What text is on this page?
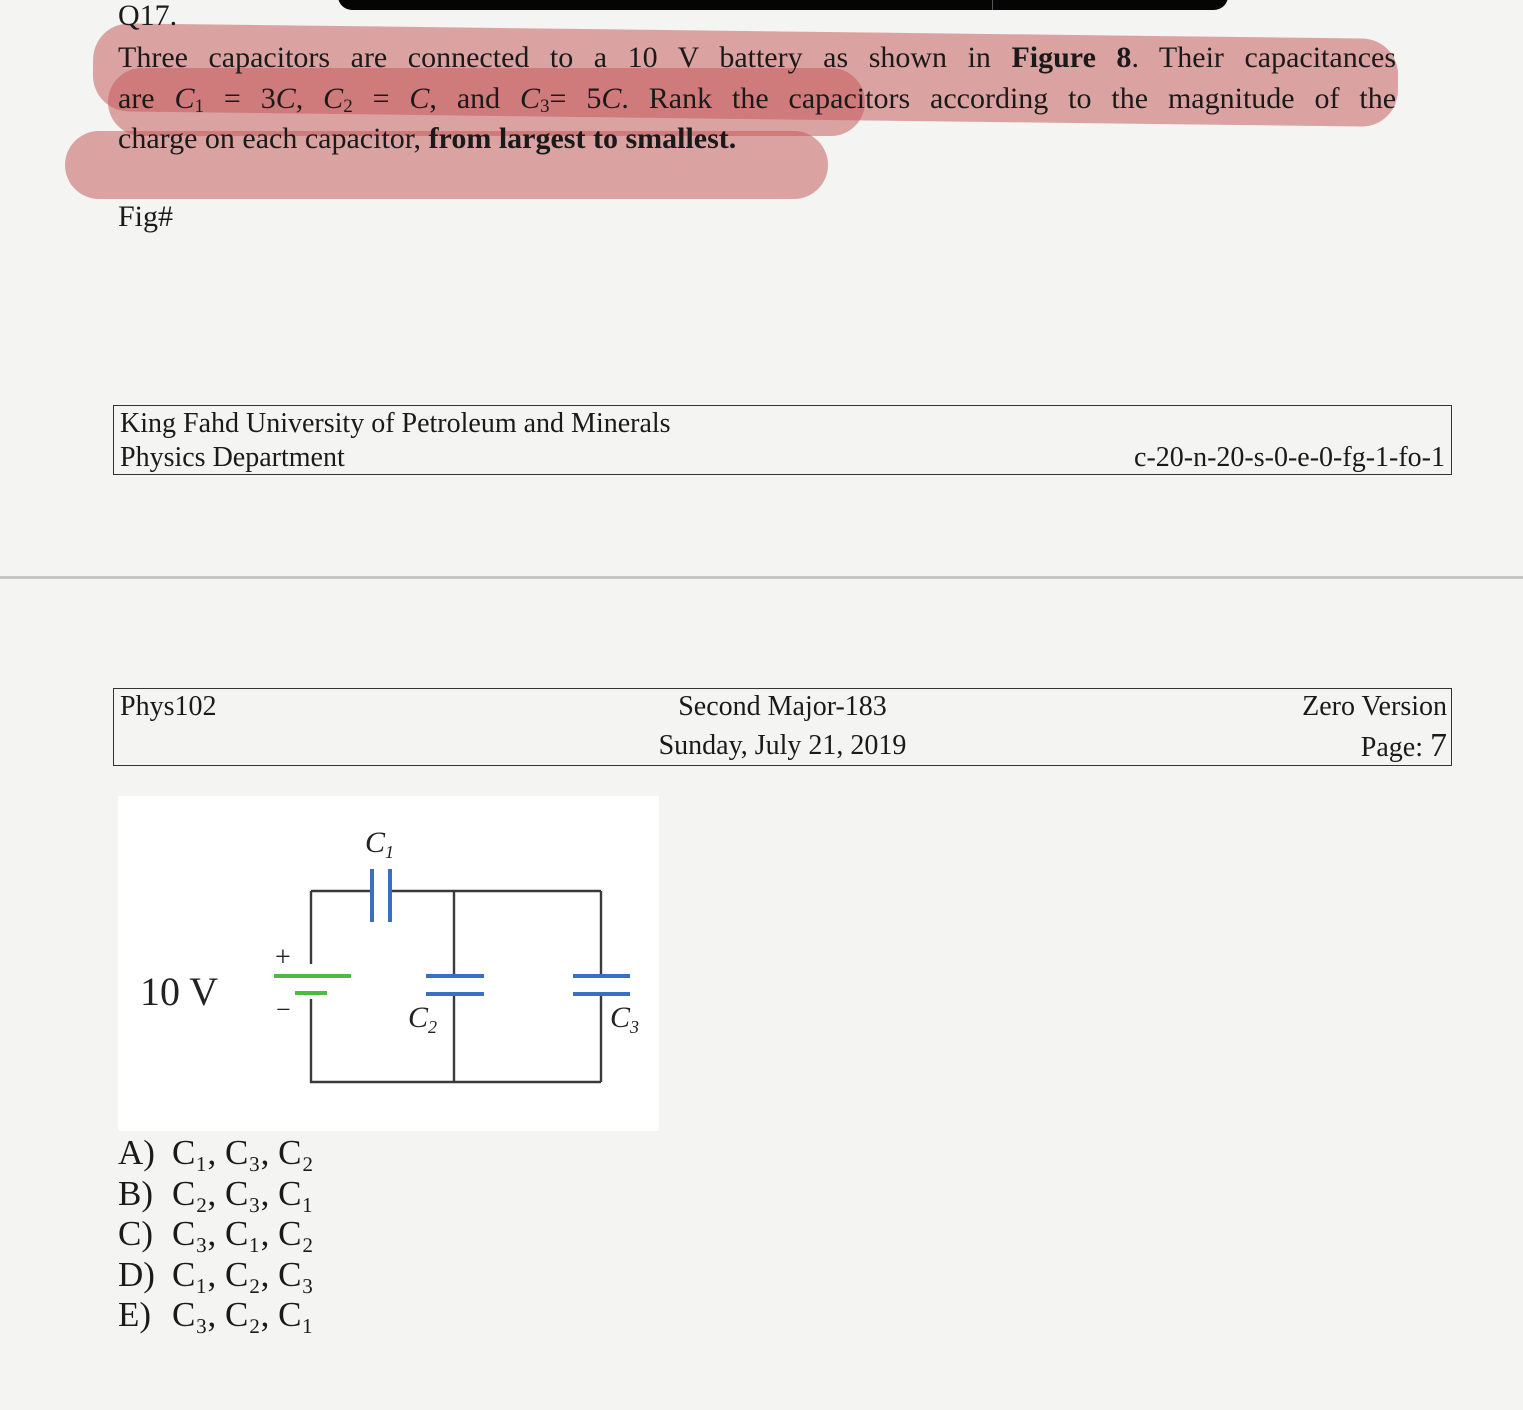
Q17.
Three capacitors are connected to a 10 V battery as shown in Figure 8. Their capacitances
are $C_1 = 3C$, $C_2 = C$, and $C_3= 5C$. Rank the capacitors according to the magnitude of the
charge on each capacitor, from largest to smallest.
Fig#
King Fahd University of Petroleum and Minerals
Physics Department	c-20-n-20-s-0-e-0-fg-1-fo-1
Phys102	Second Major-183
Sunday, July 21, 2019
Zero Version
Page: 7
10 V
+
−
$C_1$
$C_2$	$C_3$
A) C₁, C₃, C₂
B) C₂, C₃, C₁
C) C₃, C₁, C₂
D) C₁, C₂, C₃
E) C₃, C₂, C₁
